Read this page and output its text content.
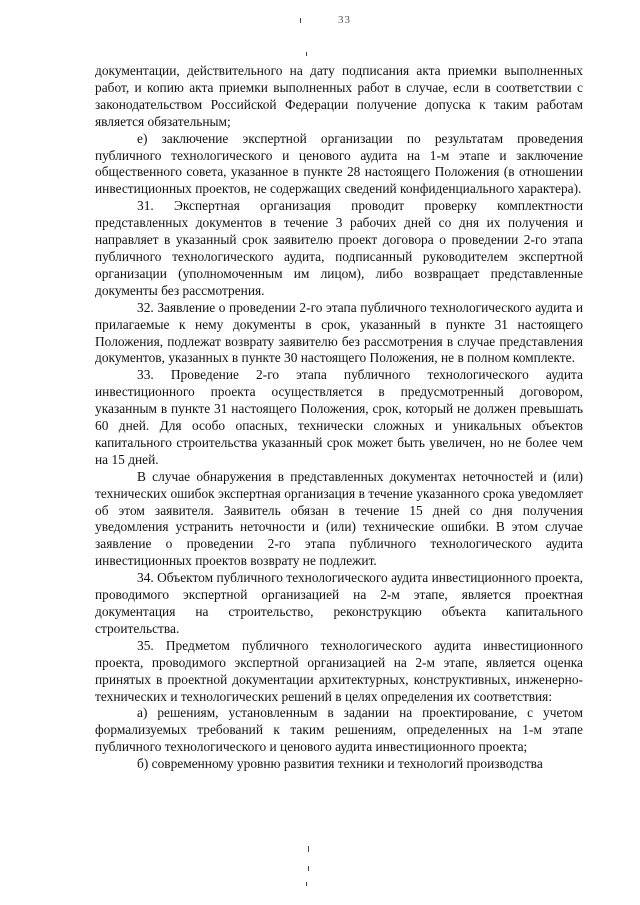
33

документации, действительного на дату подписания акта приемки выполненных работ, и копию акта приемки выполненных работ в случае, если в соответствии с законодательством Российской Федерации получение допуска к таким работам является обязательным;

е) заключение экспертной организации по результатам проведения публичного технологического и ценового аудита на 1-м этапе и заключение общественного совета, указанное в пункте 28 настоящего Положения (в отношении инвестиционных проектов, не содержащих сведений конфиденциального характера).

31. Экспертная организация проводит проверку комплектности представленных документов в течение 3 рабочих дней со дня их получения и направляет в указанный срок заявителю проект договора о проведении 2-го этапа публичного технологического аудита, подписанный руководителем экспертной организации (уполномоченным им лицом), либо возвращает представленные документы без рассмотрения.

32. Заявление о проведении 2-го этапа публичного технологического аудита и прилагаемые к нему документы в срок, указанный в пункте 31 настоящего Положения, подлежат возврату заявителю без рассмотрения в случае представления документов, указанных в пункте 30 настоящего Положения, не в полном комплекте.

33. Проведение 2-го этапа публичного технологического аудита инвестиционного проекта осуществляется в предусмотренный договором, указанным в пункте 31 настоящего Положения, срок, который не должен превышать 60 дней. Для особо опасных, технически сложных и уникальных объектов капитального строительства указанный срок может быть увеличен, но не более чем на 15 дней.

В случае обнаружения в представленных документах неточностей и (или) технических ошибок экспертная организация в течение указанного срока уведомляет об этом заявителя. Заявитель обязан в течение 15 дней со дня получения уведомления устранить неточности и (или) технические ошибки. В этом случае заявление о проведении 2-го этапа публичного технологического аудита инвестиционных проектов возврату не подлежит.

34. Объектом публичного технологического аудита инвестиционного проекта, проводимого экспертной организацией на 2-м этапе, является проектная документация на строительство, реконструкцию объекта капитального строительства.

35. Предметом публичного технологического аудита инвестиционного проекта, проводимого экспертной организацией на 2-м этапе, является оценка принятых в проектной документации архитектурных, конструктивных, инженерно-технических и технологических решений в целях определения их соответствия:

а) решениям, установленным в задании на проектирование, с учетом формализуемых требований к таким решениям, определенных на 1-м этапе публичного технологического и ценового аудита инвестиционного проекта;

б) современному уровню развития техники и технологий производства
